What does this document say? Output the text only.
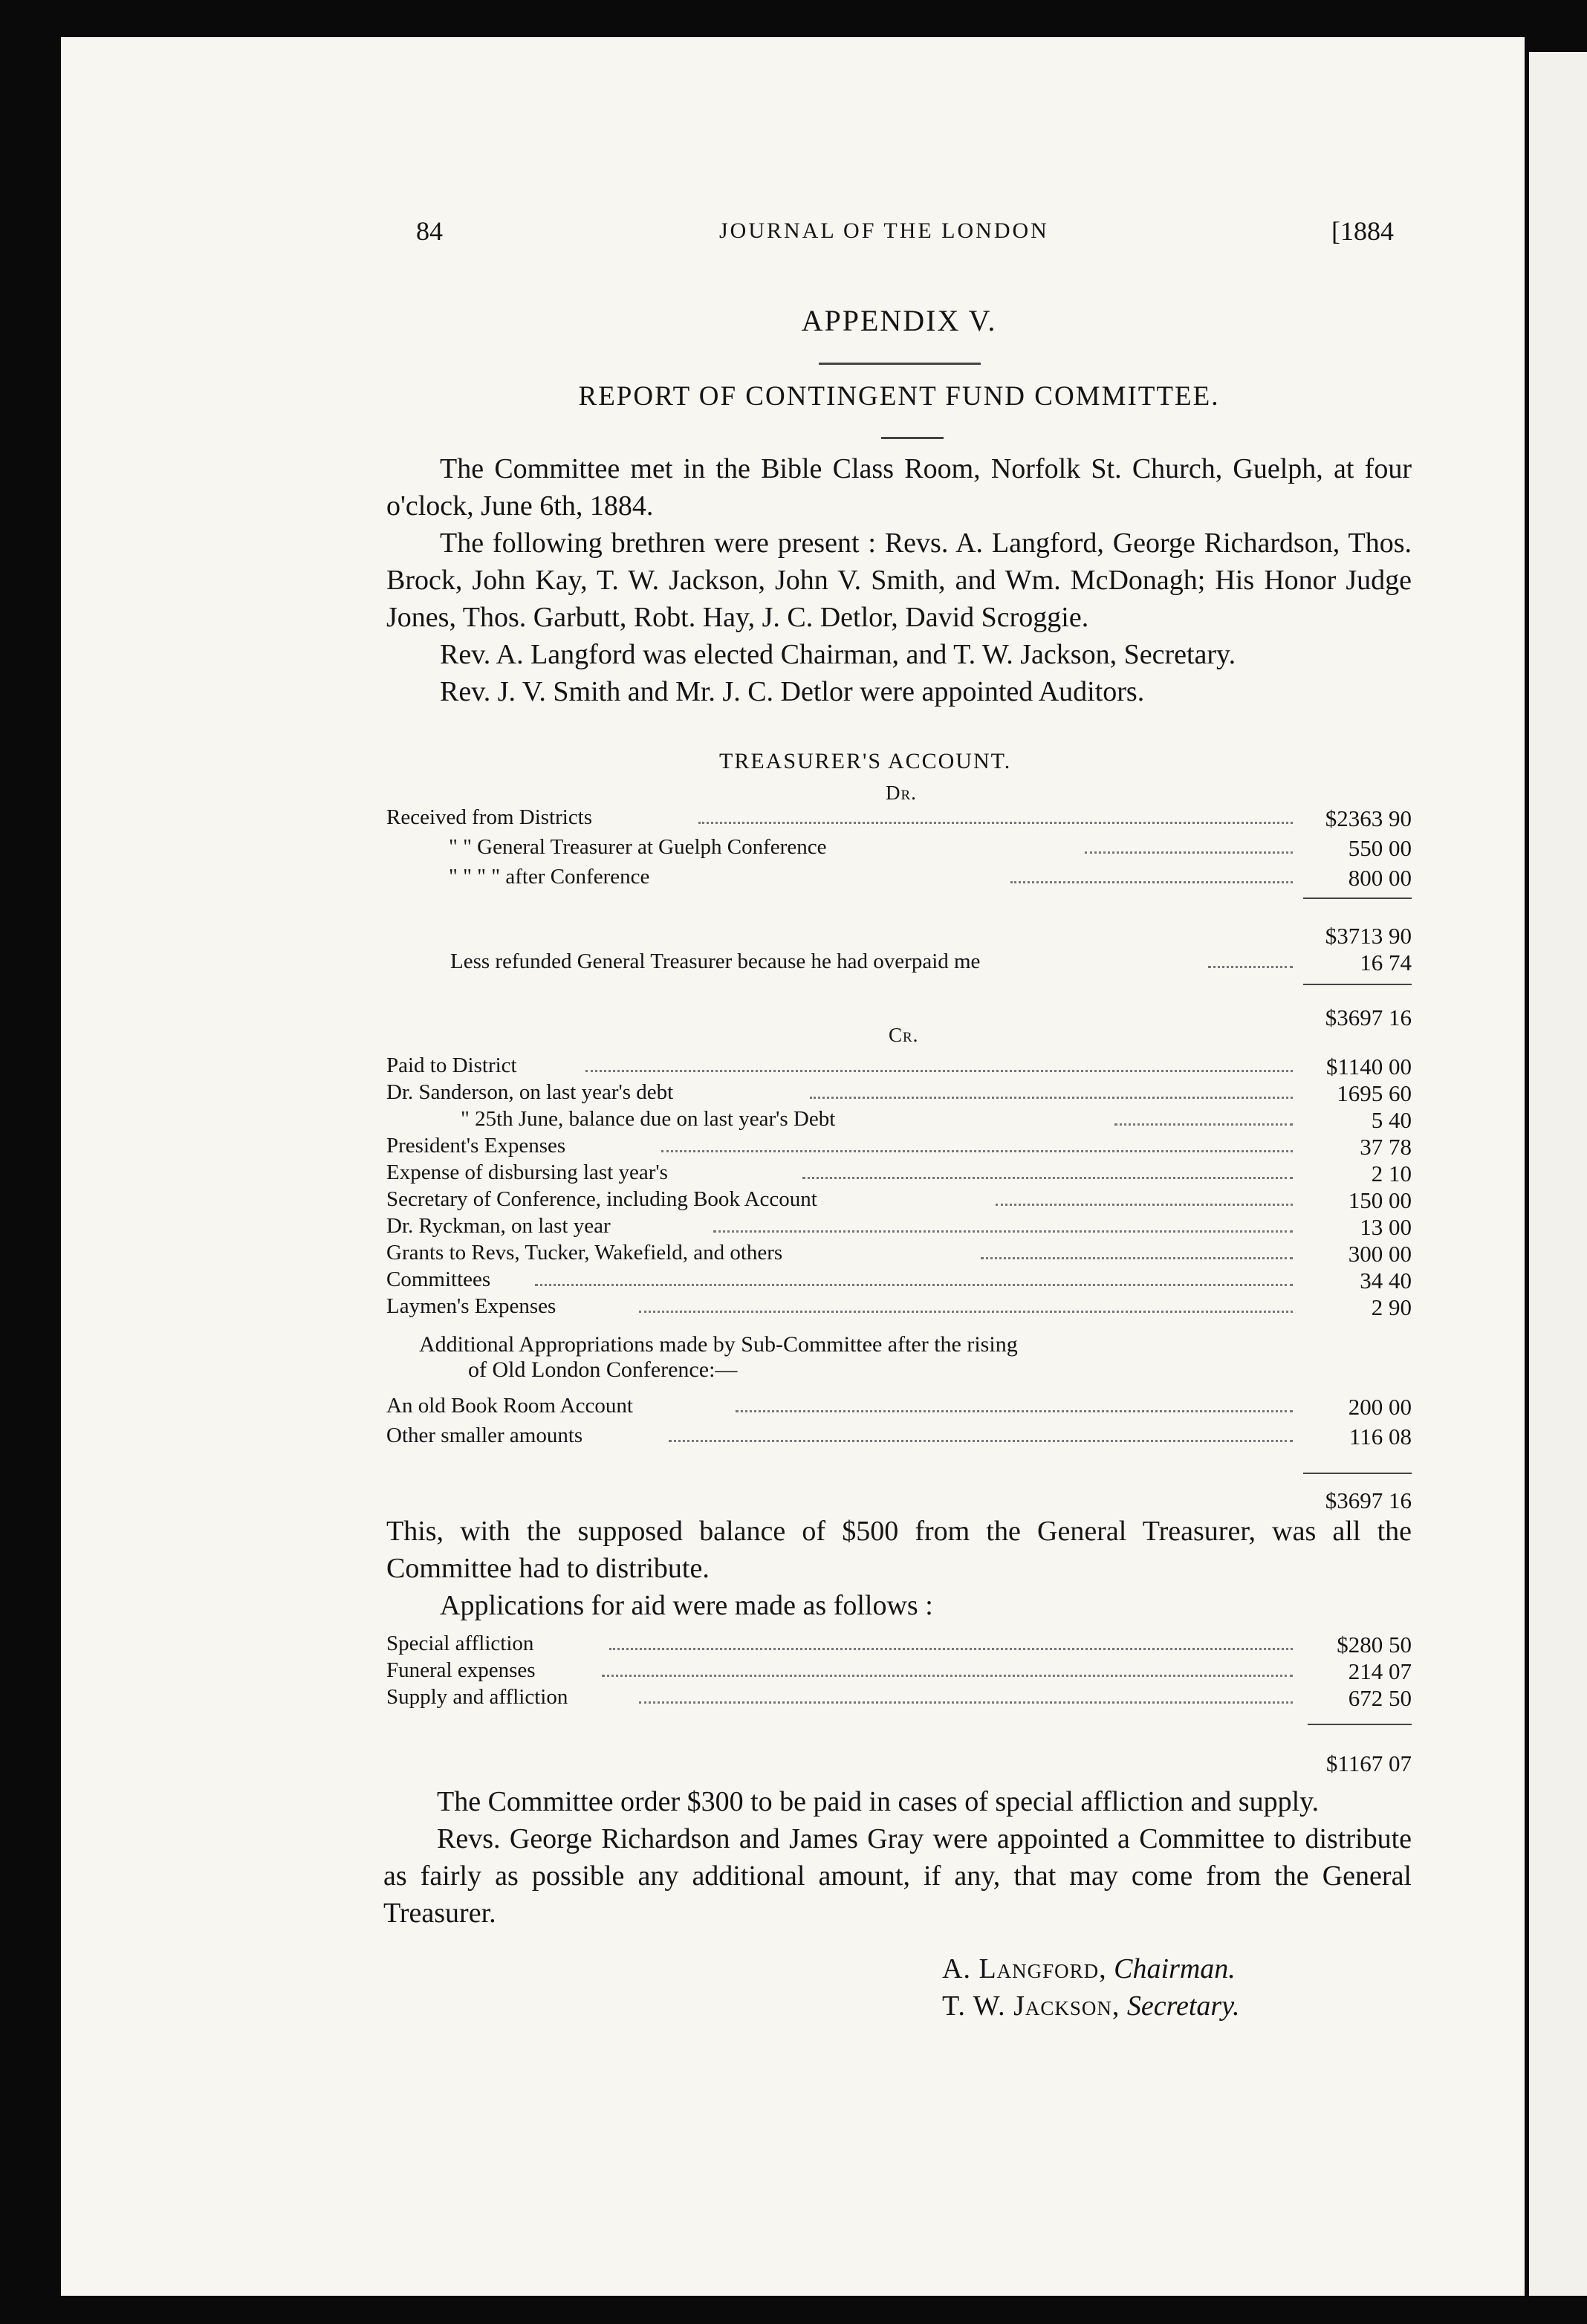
84	JOURNAL OF THE LONDON	[1884
APPENDIX V.
REPORT OF CONTINGENT FUND COMMITTEE.

The Committee met in the Bible Class Room, Norfolk St. Church, Guelph, at four o'clock, June 6th, 1884.

The following brethren were present : Revs. A. Langford, George Richardson, Thos. Brock, John Kay, T. W. Jackson, John V. Smith, and Wm. McDonagh; His Honor Judge Jones, Thos. Garbutt, Robt. Hay, J. C. Detlor, David Scroggie.

Rev. A. Langford was elected Chairman, and T. W. Jackson, Secretary.

Rev. J. V. Smith and Mr. J. C. Detlor were appointed Auditors.

TREASURER'S ACCOUNT.
Dr.
Received from Districts	$2363 90
" " General Treasurer at Guelph Conference	550 00
" " " " after Conference	800 00
$3713 90
Less refunded General Treasurer because he had overpaid me	16 74
$3697 16
Cr.
Paid to District	$1140 00
Dr. Sanderson, on last year's debt	1695 60
" 25th June, balance due on last year's Debt	5 40
President's Expenses	37 78
Expense of disbursing last year's	2 10
Secretary of Conference, including Book Account	150 00
Dr. Ryckman, on last year	13 00
Grants to Revs, Tucker, Wakefield, and others	300 00
Committees	34 40
Laymen's Expenses	2 90
Additional Appropriations made by Sub-Committee after the rising
of Old London Conference:—
An old Book Room Account	200 00
Other smaller amounts	116 08
$3697 16

This, with the supposed balance of $500 from the General Treasurer, was all the Committee had to distribute.

Applications for aid were made as follows :

Special affliction	$280 50
Funeral expenses	214 07
Supply and affliction	672 50
$1167 07

The Committee order $300 to be paid in cases of special affliction and supply.

Revs. George Richardson and James Gray were appointed a Committee to distribute as fairly as possible any additional amount, if any, that may come from the General Treasurer.

A. Langford, Chairman.
T. W. Jackson, Secretary.
